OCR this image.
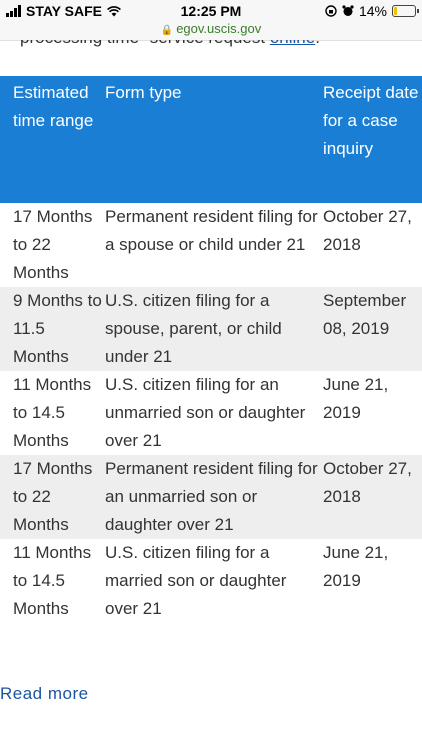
STAY SAFE	12:25 PM	14%
🔒 egov.uscis.gov
Estimated time range	Form type	Receipt date for a case inquiry
17 Months to 22 Months	Permanent resident filing for a spouse or child under 21	October 27, 2018
9 Months to 11.5 Months	U.S. citizen filing for a spouse, parent, or child under 21	September 08, 2019
11 Months to 14.5 Months	U.S. citizen filing for an unmarried son or daughter over 21	June 21, 2019
17 Months to 22 Months	Permanent resident filing for an unmarried son or daughter over 21	October 27, 2018
11 Months to 14.5 Months	U.S. citizen filing for a married son or daughter over 21	June 21, 2019
Read more
